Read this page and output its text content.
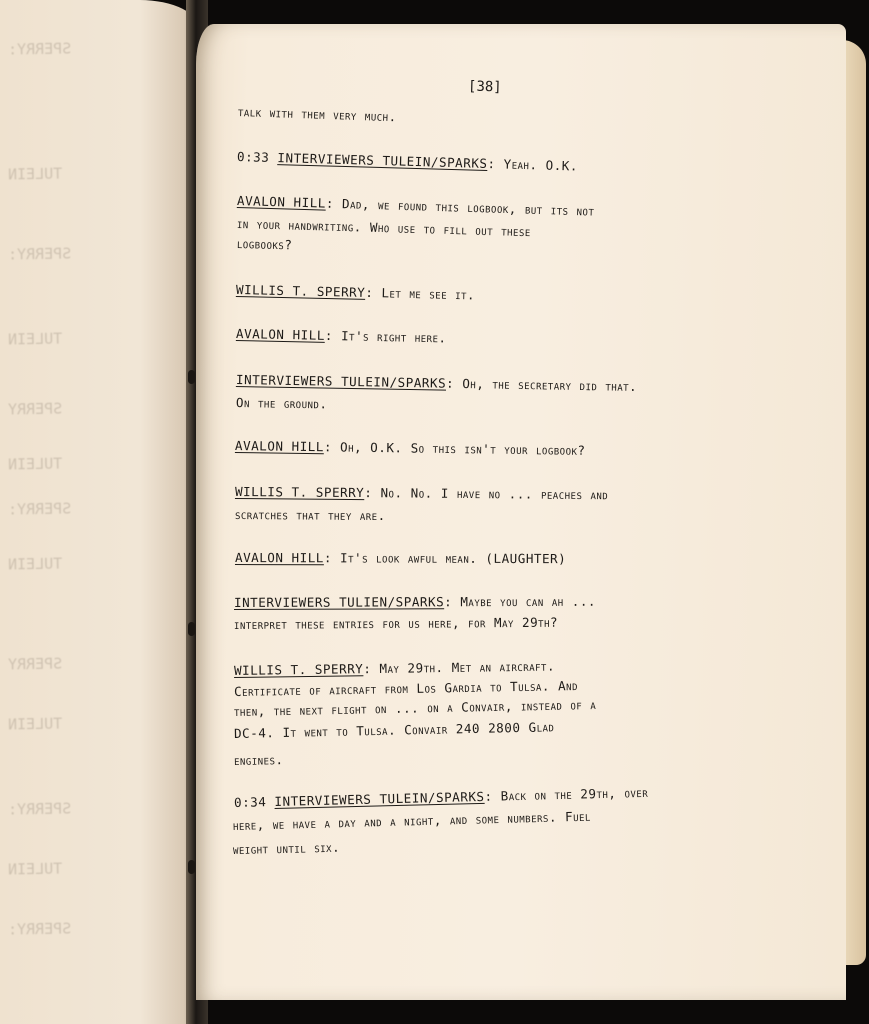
SPERRY:
TULEIN
SPERRY:
TULEIN
SPERRY
TULEIN
SPERRY:
TULEIN
SPERRY
TULEIN
SPERRY:
TULEIN
SPERRY:
[38]
talk with them very much.
0:33 INTERVIEWERS TULEIN/SPARKS: Yeah. O.K.
AVALON HILL: Dad, we found this logbook, but its not
in your handwriting. Who use to fill out these
logbooks?
WILLIS T. SPERRY: Let me see it.
AVALON HILL: It's right here.
INTERVIEWERS TULEIN/SPARKS: Oh, the secretary did that.
On the ground.
AVALON HILL: Oh, O.K. So this isn't your logbook?
WILLIS T. SPERRY: No. No. I have no ... peaches and
scratches that they are.
AVALON HILL: It's look awful mean. (LAUGHTER)
INTERVIEWERS TULIEN/SPARKS: Maybe you can ah ...
interpret these entries for us here, for May 29th?
WILLIS T. SPERRY: May 29th. Met an aircraft.
Certificate of aircraft from Los Gardia to Tulsa. And
then, the next flight on ... on a Convair, instead of a
DC-4. It went to Tulsa. Convair 240 2800 Glad
engines.
0:34 INTERVIEWERS TULEIN/SPARKS: Back on the 29th, over
here, we have a day and a night, and some numbers. Fuel
weight until six.
